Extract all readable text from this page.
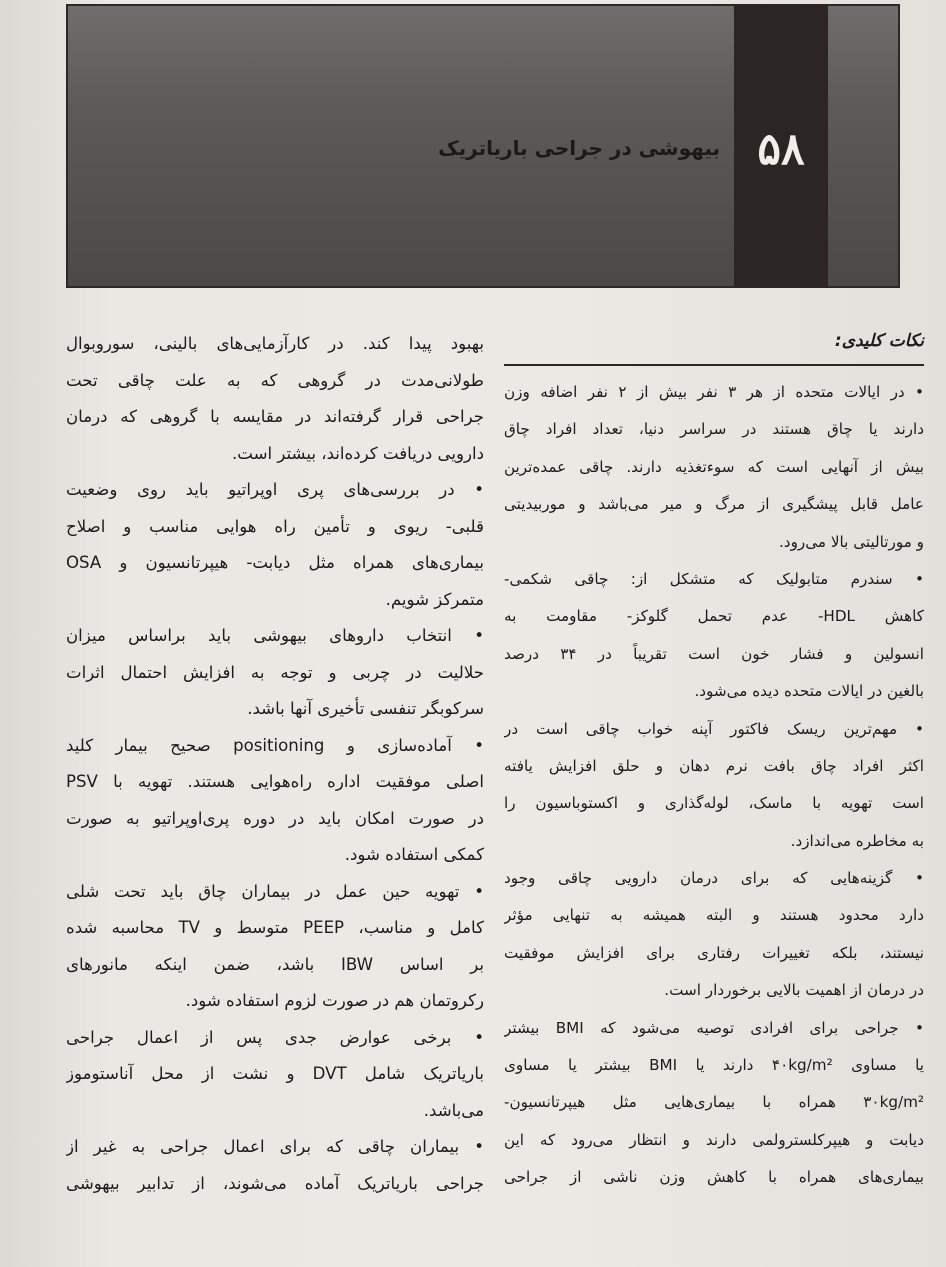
۵۸
بیهوشی در جراحی باریاتریک
نکات کلیدی:
• در ایالات متحده از هر ۳ نفر بیش از ۲ نفر اضافه وزن
دارند یا چاق هستند در سراسر دنیا، تعداد افراد چاق
بیش از آنهایی است که سوءتغذیه دارند. چاقی عمده‌ترین
عامل قابل پیشگیری از مرگ و میر می‌باشد و موربیدیتی
و مورتالیتی بالا می‌رود.
• سندرم متابولیک که متشکل از: چاقی شکمی-
کاهش HDL- عدم تحمل گلوکز- مقاومت به
انسولین و فشار خون است تقریباً در ۳۴ درصد
بالغین در ایالات متحده دیده می‌شود.
• مهم‌ترین ریسک فاکتور آپنه خواب چاقی است در
اکثر افراد چاق بافت نرم دهان و حلق افزایش یافته
است تهویه با ماسک، لوله‌گذاری و اکستوباسیون را
به مخاطره می‌اندازد.
• گزینه‌هایی که برای درمان دارویی چاقی وجود
دارد محدود هستند و البته همیشه به تنهایی مؤثر
نیستند، بلکه تغییرات رفتاری برای افزایش موفقیت
در درمان از اهمیت بالایی برخوردار است.
• جراحی برای افرادی توصیه می‌شود که BMI بیشتر
یا مساوی ۴۰kg/m² دارند یا BMI بیشتر یا مساوی
۳۰kg/m² همراه با بیماری‌هایی مثل هیپرتانسیون-
دیابت و هیپرکلسترولمی دارند و انتظار می‌رود که این
بیماری‌های همراه با کاهش وزن ناشی از جراحی
بهبود پیدا کند. در کارآزمایی‌های بالینی، سوروبوال
طولانی‌مدت در گروهی که به علت چاقی تحت
جراحی قرار گرفته‌اند در مقایسه با گروهی که درمان
دارویی دریافت کرده‌اند، بیشتر است.
• در بررسی‌های پری اوپراتیو باید روی وضعیت
قلبی- ریوی و تأمین راه هوایی مناسب و اصلاح
بیماری‌های همراه مثل دیابت- هیپرتانسیون و OSA
متمرکز شویم.
• انتخاب داروهای بیهوشی باید براساس میزان
حلالیت در چربی و توجه به افزایش احتمال اثرات
سرکوبگر تنفسی تأخیری آنها باشد.
• آماده‌سازی و positioning صحیح بیمار کلید
اصلی موفقیت اداره راه‌هوایی هستند. تهویه با PSV
در صورت امکان باید در دوره پری‌اوپراتیو به صورت
کمکی استفاده شود.
• تهویه حین عمل در بیماران چاق باید تحت شلی
کامل و مناسب، PEEP متوسط و TV محاسبه شده
بر اساس IBW باشد، ضمن اینکه مانورهای
رکروتمان هم در صورت لزوم استفاده شود.
• برخی عوارض جدی پس از اعمال جراحی
باریاتریک شامل DVT و نشت از محل آناستوموز
می‌باشد.
• بیماران چاقی که برای اعمال جراحی به غیر از
جراحی باریاتریک آماده می‌شوند، از تدابیر بیهوشی
